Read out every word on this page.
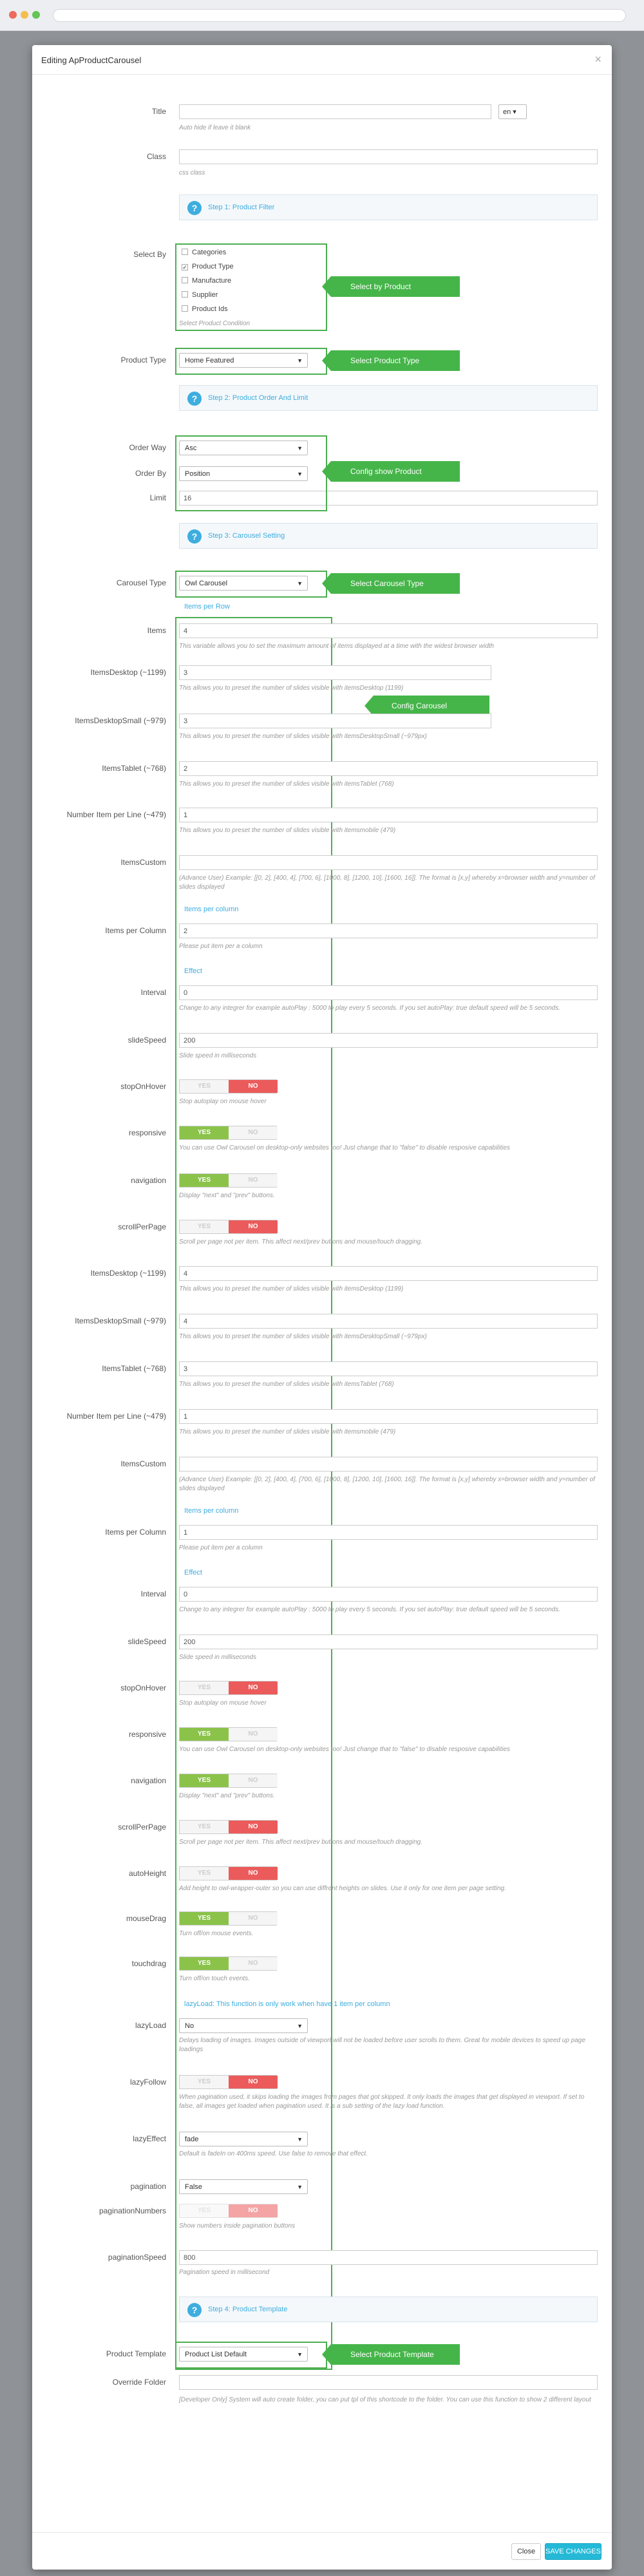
Editing ApProductCarousel	×
Title	en ▾
Auto hide if leave it blank
Class
css class
?	Step 1: Product Filter
Select By	Categories
✓ Product Type
Manufacture
Supplier
Product Ids
Select Product Condition
Select by Product
Product Type	Home Featured	▼	Select Product Type
?	Step 2: Product Order And Limit
Order Way	Asc	▼
Order By	Position	▼
Limit	16
Config show Product
?	Step 3: Carousel Setting
Carousel Type	Owl Carousel	▼	Select Carousel Type
Items per Row
Config Carousel
Items	4
This variable allows you to set the maximum amount of items displayed at a time with the widest browser width
ItemsDesktop (~1199)	3
This allows you to preset the number of slides visible with itemsDesktop (1199)
ItemsDesktopSmall (~979)	3
This allows you to preset the number of slides visible with itemsDesktopSmall (~979px)
ItemsTablet (~768)	2
This allows you to preset the number of slides visible with itemsTablet (768)
Number Item per Line (~479)	1
This allows you to preset the number of slides visible with itemsmobile (479)
ItemsCustom
(Advance User) Example: [[0, 2], [400, 4], [700, 6], [1000, 8], [1200, 10], [1600, 16]]. The format is [x,y] whereby x=browser width and y=number of slides displayed
Items per column
Items per Column	2
Please put item per a column
Effect
Interval	0
Change to any integrer for example autoPlay : 5000 to play every 5 seconds. If you set autoPlay: true default speed will be 5 seconds.
slideSpeed	200
Slide speed in milliseconds
stopOnHover	YES	NO
Stop autoplay on mouse hover
responsive	YES	NO
You can use Owl Carousel on desktop-only websites too! Just change that to "false" to disable resposive capabilities
navigation	YES	NO
Display "next" and "prev" buttons.
scrollPerPage	YES	NO
Scroll per page not per item. This affect next/prev buttons and mouse/touch dragging.
ItemsDesktop (~1199)	4
This allows you to preset the number of slides visible with itemsDesktop (1199)
ItemsDesktopSmall (~979)	4
This allows you to preset the number of slides visible with itemsDesktopSmall (~979px)
ItemsTablet (~768)	3
This allows you to preset the number of slides visible with itemsTablet (768)
Number Item per Line (~479)	1
This allows you to preset the number of slides visible with itemsmobile (479)
ItemsCustom
(Advance User) Example: [[0, 2], [400, 4], [700, 6], [1000, 8], [1200, 10], [1600, 16]]. The format is [x,y] whereby x=browser width and y=number of slides displayed
Items per column
Items per Column	1
Please put item per a column
Effect
Interval	0
Change to any integrer for example autoPlay : 5000 to play every 5 seconds. If you set autoPlay: true default speed will be 5 seconds.
slideSpeed	200
Slide speed in milliseconds
stopOnHover	YES	NO
Stop autoplay on mouse hover
responsive	YES	NO
You can use Owl Carousel on desktop-only websites too! Just change that to "false" to disable resposive capabilities
navigation	YES	NO
Display "next" and "prev" buttons.
scrollPerPage	YES	NO
Scroll per page not per item. This affect next/prev buttons and mouse/touch dragging.
autoHeight	YES	NO
Add height to owl-wrapper-outer so you can use diffrent heights on slides. Use it only for one item per page setting.
mouseDrag	YES	NO
Turn off/on mouse events.
touchdrag	YES	NO
Turn off/on touch events.
lazyLoad: This function is only work when have 1 item per column
lazyLoad	No	▼
Delays loading of images. Images outside of viewport will not be loaded before user scrolls to them. Great for mobile devices to speed up page loadings
lazyFollow	YES	NO
When pagination used, it skips loading the images from pages that got skipped. It only loads the images that get displayed in viewport. If set to false, all images get loaded when pagination used. It is a sub setting of the lazy load function.
lazyEffect	fade	▼
Default is fadeIn on 400ms speed. Use false to remove that effect.
pagination	False	▼
paginationNumbers	YES	NO
Show numbers inside pagination buttons
paginationSpeed	800
Pagination speed in millisecond
?	Step 4: Product Template
Product Template	Product List Default	▼	Select Product Template
Override Folder
[Developer Only] System will auto create folder, you can put tpl of this shortcode to the folder. You can use this function to show 2 different layout
Close	SAVE CHANGES
